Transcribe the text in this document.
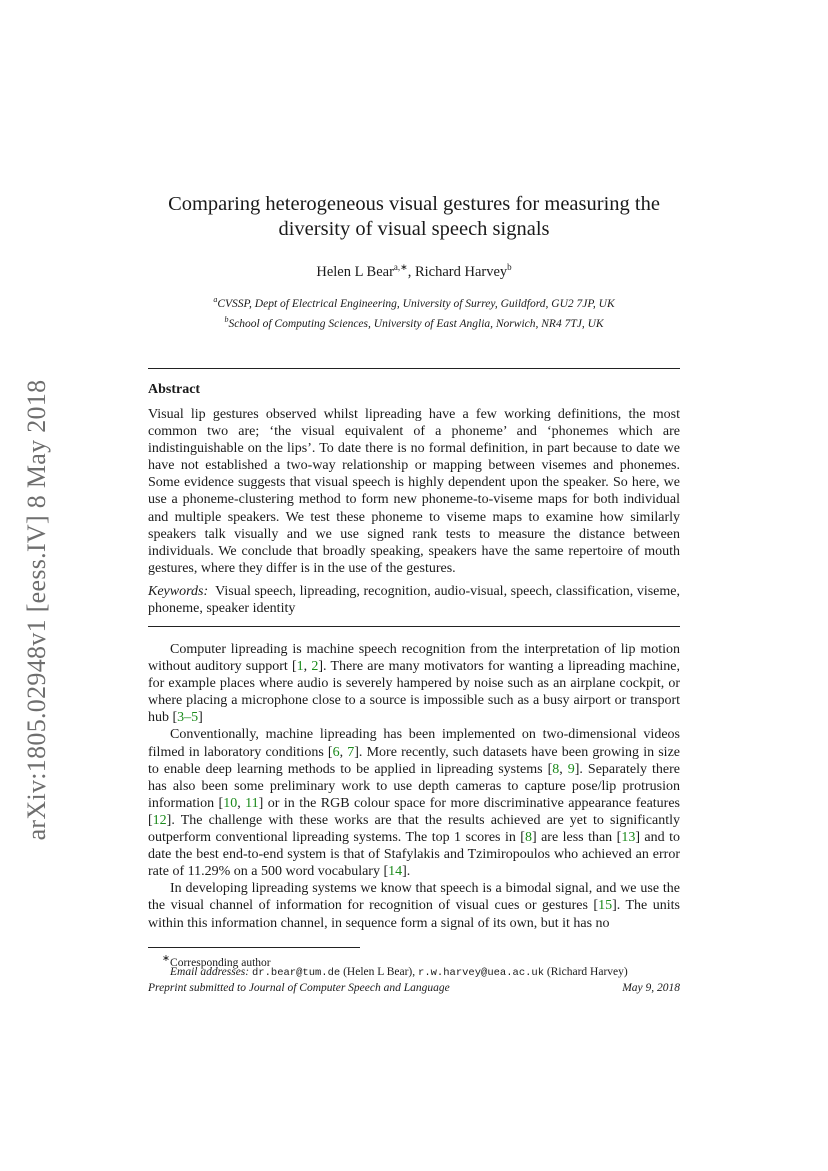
arXiv:1805.02948v1 [eess.IV] 8 May 2018
Comparing heterogeneous visual gestures for measuring the
diversity of visual speech signals
Helen L Bear$^{a,∗}$, Richard Harvey$^b$
$^a$CVSSP, Dept of Electrical Engineering, University of Surrey, Guildford, GU2 7JP, UK
$^b$School of Computing Sciences, University of East Anglia, Norwich, NR4 7TJ, UK
Abstract
Visual lip gestures observed whilst lipreading have a few working definitions, the most common two are; ‘the visual equivalent of a phoneme’ and ‘phonemes which are indistinguishable on the lips’. To date there is no formal definition, in part because to date we have not established a two-way relationship or mapping between visemes and phonemes. Some evidence suggests that visual speech is highly dependent upon the speaker. So here, we use a phoneme-clustering method to form new phoneme-to-viseme maps for both individual and multiple speakers. We test these phoneme to viseme maps to examine how similarly speakers talk visually and we use signed rank tests to measure the distance between individuals. We conclude that broadly speaking, speakers have the same repertoire of mouth gestures, where they differ is in the use of the gestures.
Keywords: Visual speech, lipreading, recognition, audio-visual, speech, classification, viseme, phoneme, speaker identity

Computer lipreading is machine speech recognition from the interpretation of lip motion without auditory support [1, 2]. There are many motivators for wanting a lipreading machine, for example places where audio is severely hampered by noise such as an airplane cockpit, or where placing a microphone close to a source is impossible such as a busy airport or transport hub [3–5]

Conventionally, machine lipreading has been implemented on two-dimensional videos filmed in laboratory conditions [6, 7]. More recently, such datasets have been growing in size to enable deep learning methods to be applied in lipreading systems [8, 9]. Separately there has also been some preliminary work to use depth cameras to capture pose/lip protrusion information [10, 11] or in the RGB colour space for more discriminative appearance features [12]. The challenge with these works are that the results achieved are yet to significantly outperform conventional lipreading systems. The top 1 scores in [8] are less than [13] and to date the best end-to-end system is that of Stafylakis and Tzimiropoulos who achieved an error rate of 11.29% on a 500 word vocabulary [14].

In developing lipreading systems we know that speech is a bimodal signal, and we use the the visual channel of information for recognition of visual cues or gestures [15]. The units within this information channel, in sequence form a signal of its own, but it has no

∗Corresponding author
Email addresses: dr.bear@tum.de (Helen L Bear), r.w.harvey@uea.ac.uk (Richard Harvey)
Preprint submitted to Journal of Computer Speech and Language	May 9, 2018
